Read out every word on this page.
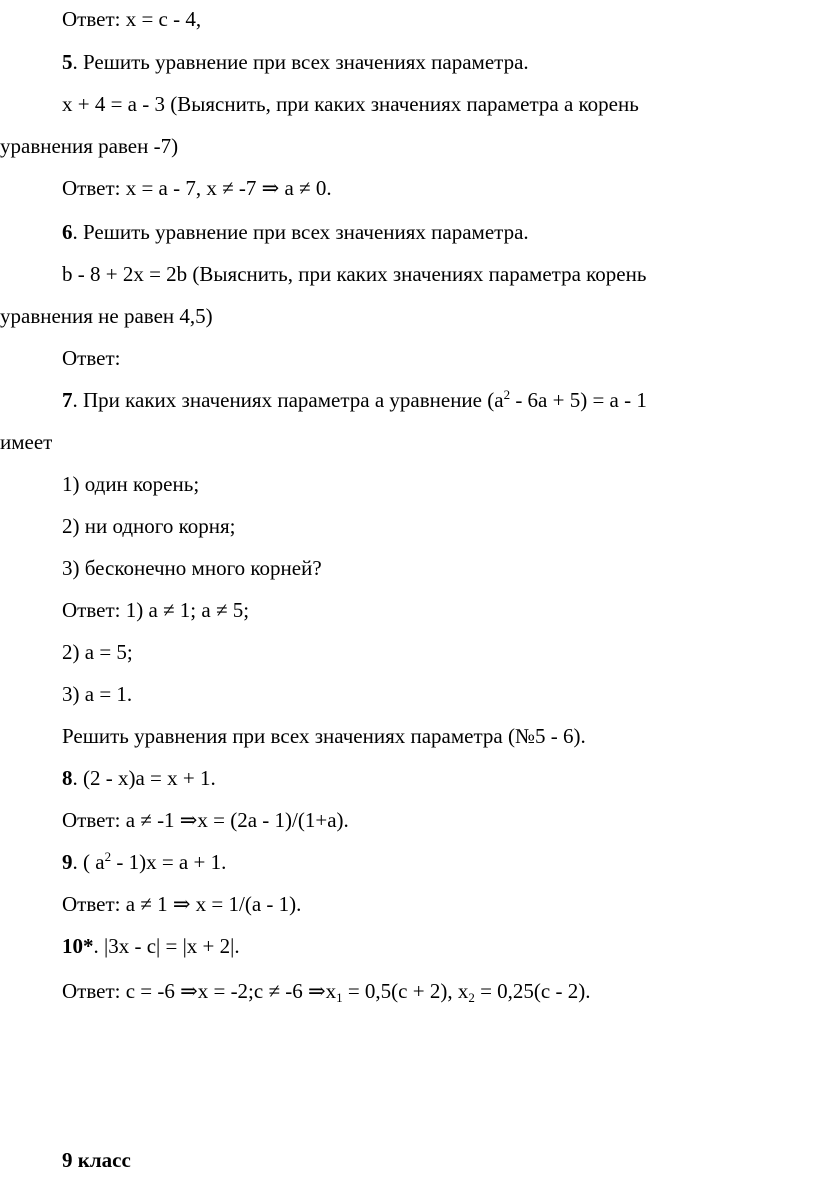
Ответ: х = с - 4,
5. Решить уравнение при всех значениях параметра.
х + 4 = а - 3 (Выяснить, при каких значениях параметра а корень
уравнения равен -7)
Ответ: х = а - 7, х ≠ -7 ⇒ а ≠ 0.
6. Решить уравнение при всех значениях параметра.
b - 8 + 2х = 2b (Выяснить, при каких значениях параметра корень
уравнения не равен 4,5)
Ответ:
7. При каких значениях параметра а уравнение $(а^2 - 6а + 5) = а - 1$
имеет
1) один корень;
2) ни одного корня;
3) бесконечно много корней?
Ответ: 1) а ≠ 1; а ≠ 5;
2) а = 5;
3) а = 1.
Решить уравнения при всех значениях параметра (№5 - 6).
8. (2 - х)а = х + 1.
Ответ: а ≠ -1 ⇒х = (2а - 1)/(1+а).
9. ( $а^2 - 1)х = а + 1$.
Ответ: а ≠ 1 ⇒ х = 1/(а - 1).
10*. |3х - с| = |х + 2|.
Ответ: с = -6 ⇒х = -2;с ≠ -6 $\Rightarrow х_1 = 0,5(с + 2)$, $х_2 = 0,25(с - 2)$.
9 класс
